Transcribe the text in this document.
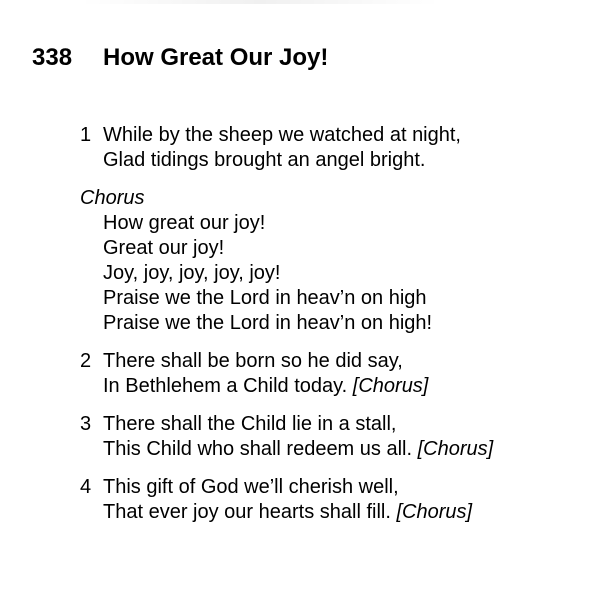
338 How Great Our Joy!
1 While by the sheep we watched at night,
Glad tidings brought an angel bright.
Chorus
How great our joy!
Great our joy!
Joy, joy, joy, joy, joy!
Praise we the Lord in heav’n on high
Praise we the Lord in heav’n on high!
2 There shall be born so he did say,
In Bethlehem a Child today. [Chorus]
3 There shall the Child lie in a stall,
This Child who shall redeem us all. [Chorus]
4 This gift of God we’ll cherish well,
That ever joy our hearts shall fill. [Chorus]
